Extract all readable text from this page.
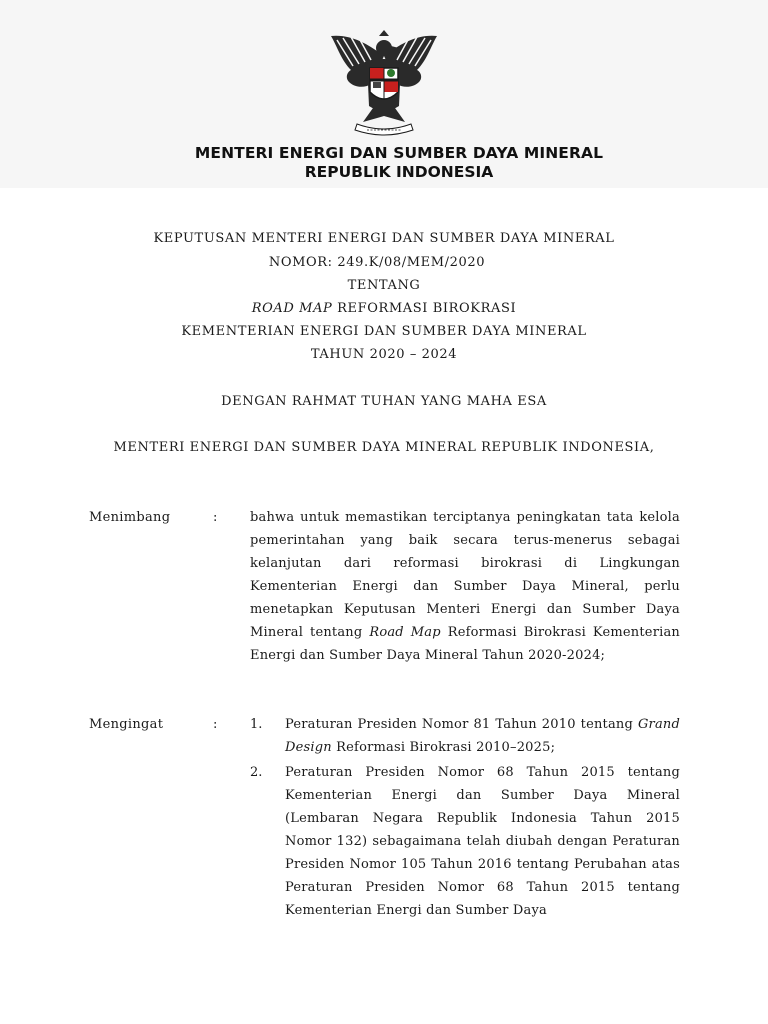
MENTERI ENERGI DAN SUMBER DAYA MINERAL
REPUBLIK INDONESIA
KEPUTUSAN MENTERI ENERGI DAN SUMBER DAYA MINERAL
NOMOR: 249.K/08/MEM/2020
TENTANG
ROAD MAP REFORMASI BIROKRASI
KEMENTERIAN ENERGI DAN SUMBER DAYA MINERAL
TAHUN 2020 – 2024
DENGAN RAHMAT TUHAN YANG MAHA ESA
MENTERI ENERGI DAN SUMBER DAYA MINERAL REPUBLIK INDONESIA,
Menimbang	: bahwa untuk memastikan terciptanya peningkatan tata kelola pemerintahan yang baik secara terus-menerus sebagai kelanjutan dari reformasi birokrasi di Lingkungan Kementerian Energi dan Sumber Daya Mineral, perlu menetapkan Keputusan Menteri Energi dan Sumber Daya Mineral tentang Road Map Reformasi Birokrasi Kementerian Energi dan Sumber Daya Mineral Tahun 2020-2024;
Mengingat	: 1. Peraturan Presiden Nomor 81 Tahun 2010 tentang Grand Design Reformasi Birokrasi 2010–2025;
2. Peraturan Presiden Nomor 68 Tahun 2015 tentang Kementerian Energi dan Sumber Daya Mineral (Lembaran Negara Republik Indonesia Tahun 2015 Nomor 132) sebagaimana telah diubah dengan Peraturan Presiden Nomor 105 Tahun 2016 tentang Perubahan atas Peraturan Presiden Nomor 68 Tahun 2015 tentang Kementerian Energi dan Sumber Daya
